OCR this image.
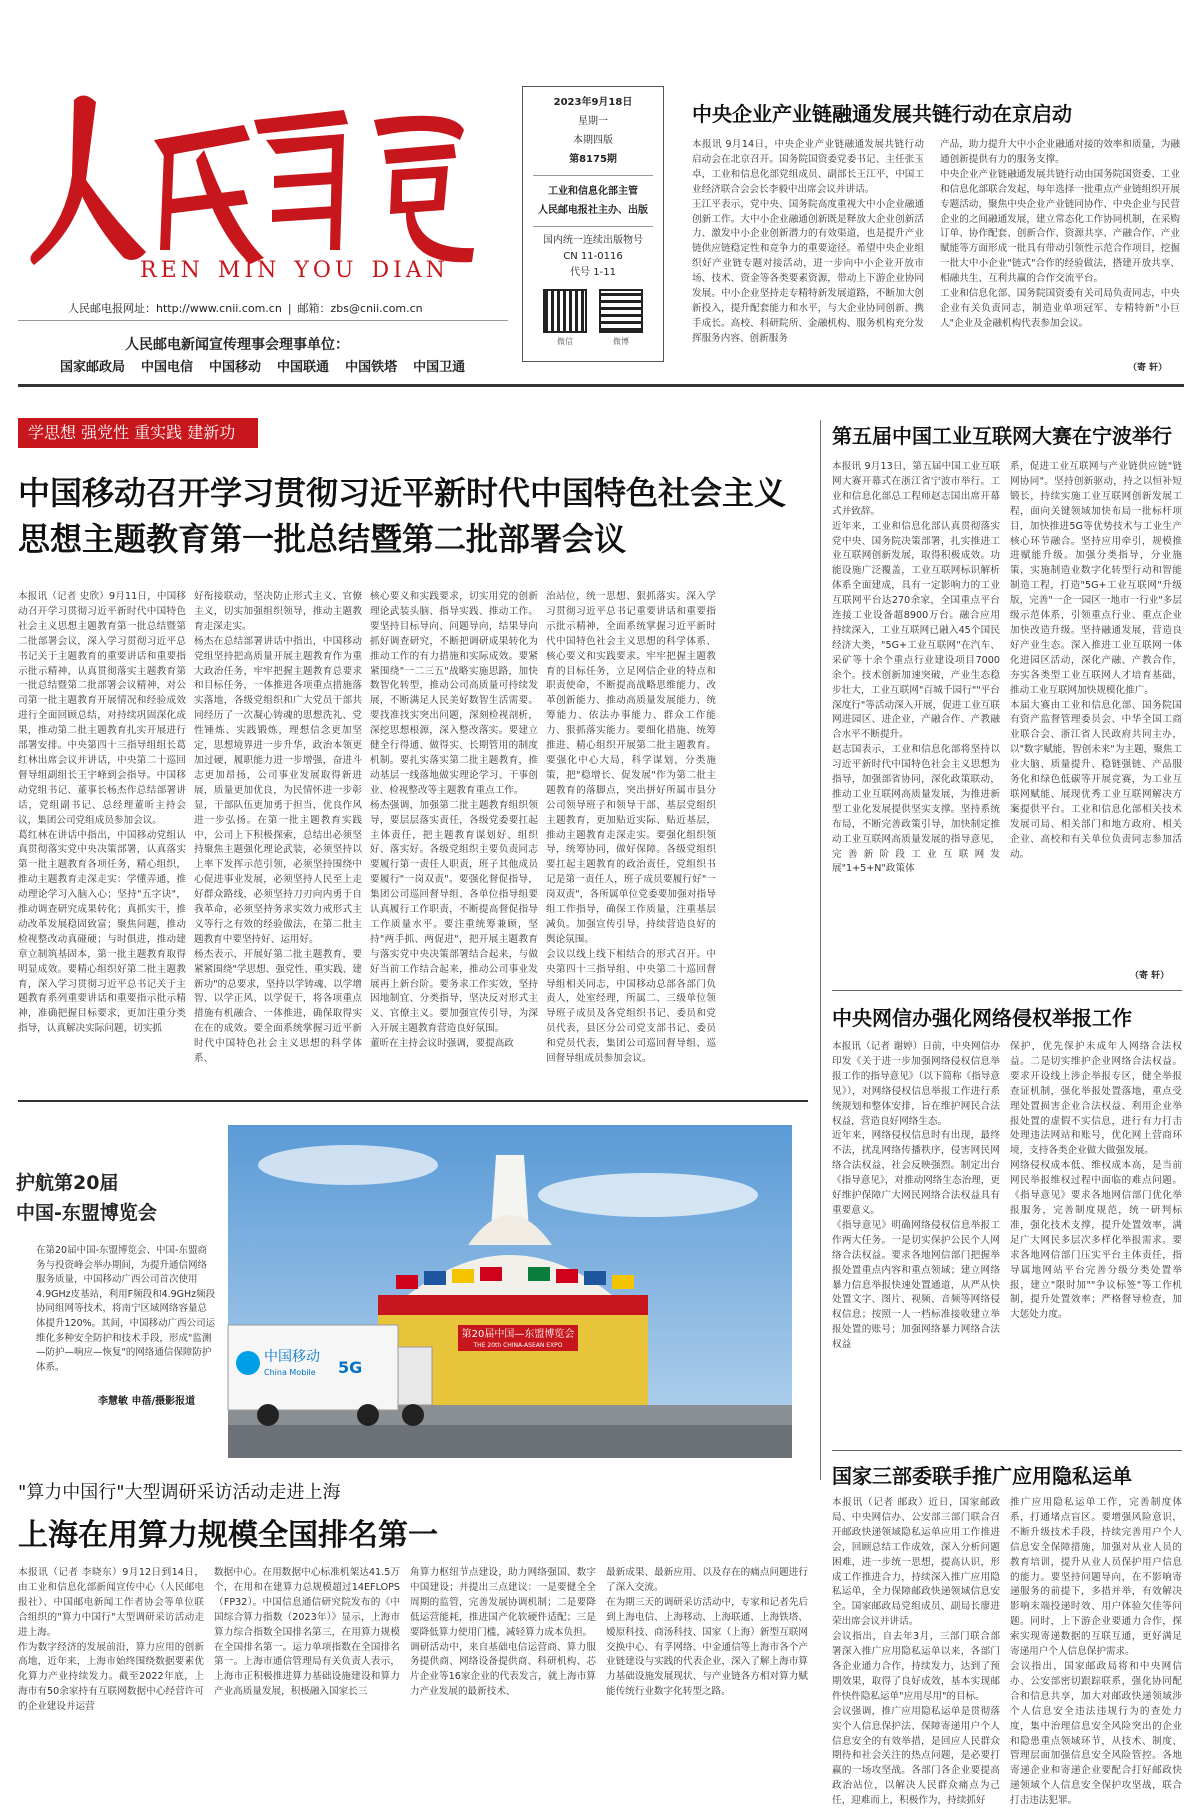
REN MIN YOU DIAN
人民邮电报网址：http://www.cnii.com.cn | 邮箱：zbs@cnii.com.cn
人民邮电新闻宣传理事会理事单位：
国家邮政局 中国电信 中国移动 中国联通 中国铁塔 中国卫通
2023年9月18日
星期一
本期四版
第8175期
工业和信息化部主管
人民邮电报社主办、出版
国内统一连续出版物号
CN 11-0116
代号 1-11
微信	微博
中央企业产业链融通发展共链行动在京启动
本报讯 9月14日，中央企业产业链融通发展共链行动启动会在北京召开。国务院国资委党委书记、主任张玉卓，工业和信息化部党组成员、副部长王江平，中国工业经济联合会会长李毅中出席会议并讲话。
王江平表示，党中央、国务院高度重视大中小企业融通创新工作。大中小企业融通创新既是释放大企业创新活力、激发中小企业创新潜力的有效渠道，也是提升产业链供应链稳定性和竞争力的重要途径。希望中央企业组织好产业链专题对接活动，进一步向中小企业开放市场、技术、资金等各类要素资源，带动上下游企业协同发展。中小企业坚持走专精特新发展道路，不断加大创新投入，提升配套能力和水平，与大企业协同创新、携手成长。高校、科研院所、金融机构、服务机构充分发挥服务内容、创新服务
产品，助力提升大中小企业融通对接的效率和质量，为融通创新提供有力的服务支撑。
中央企业产业链融通发展共链行动由国务院国资委、工业和信息化部联合发起，每年选择一批重点产业链组织开展专题活动，聚焦中央企业产业链同协作、中央企业与民营企业的之间融通发展，建立常态化工作协同机制，在采购订单、协作配套、创新合作、资源共享、产融合作、产业赋能等方面形成一批具有带动引领性示范合作项目，挖掘一批大中小企业"链式"合作的经验做法，搭建开放共享、相融共生、互利共赢的合作交流平台。
工业和信息化部、国务院国资委有关司局负责同志，中央企业有关负责同志，制造业单项冠军、专精特新"小巨人"企业及金融机构代表参加会议。
（寄 轩）
学思想 强党性 重实践 建新功
中国移动召开学习贯彻习近平新时代中国特色社会主义
思想主题教育第一批总结暨第二批部署会议
本报讯（记者 史欣）9月11日，中国移动召开学习贯彻习近平新时代中国特色社会主义思想主题教育第一批总结暨第二批部署会议，深入学习贯彻习近平总书记关于主题教育的重要讲话和重要指示批示精神，认真贯彻落实主题教育第一批总结暨第二批部署会议精神，对公司第一批主题教育开展情况和经验成效进行全面回顾总结，对持续巩固深化成果，推动第二批主题教育扎实开展进行部署安排。中央第四十三指导组组长葛红林出席会议并讲话，中央第二十巡回督导组副组长王宇峰到会指导。中国移动党组书记、董事长杨杰作总结部署讲话，党组副书记、总经理董昕主持会议，集团公司党组成员参加会议。
葛红林在讲话中指出，中国移动党组认真贯彻落实党中央决策部署，认真落实第一批主题教育各项任务，精心组织，推动主题教育走深走实：学懂弄通，推动理论学习入脑入心；坚持"五字诀"，推动调查研究成果转化；真抓实干，推动改革发展稳固致富；聚焦问题，推动检视整改动真碰硬；与时俱进，推动建章立制筑基固本，第一批主题教育取得明显成效。要精心组织好第二批主题教育，深入学习贯彻习近平总书记关于主题教育系列重要讲话和重要指示批示精神，准确把握目标要求，更加注重分类指导，认真解决实际问题，切实抓
好衔接联动，坚决防止形式主义、官僚主义，切实加强组织领导，推动主题教育走深走实。
杨杰在总结部署讲话中指出，中国移动党组坚持把高质量开展主题教育作为重大政治任务，牢牢把握主题教育总要求和目标任务，一体推进各项重点措施落实落地，各级党组织和广大党员干部共同经历了一次凝心铸魂的思想洗礼、党性锤炼、实践锻炼，理想信念更加坚定，思想境界进一步升华，政治本领更加过硬，履职能力进一步增强，奋进斗志更加昂扬，公司事业发展取得新进展，质量更加优良，为民情怀进一步彰显，干部队伍更加勇于担当，优良作风进一步弘扬。在第一批主题教育实践中，公司上下积极探索，总结出必须坚持聚焦主题强化理论武装，必须坚持以上率下发挥示范引领，必须坚持围绕中心促进事业发展，必须坚持人民至上走好群众路线，必须坚持刀刃向内勇于自我革命，必须坚持务求实效力戒形式主义等行之有效的经验做法，在第二批主题教育中要坚持好、运用好。
杨杰表示，开展好第二批主题教育，要紧紧围绕"学思想、强党性、重实践、建新功"的总要求，坚持以学铸魂、以学增智、以学正风、以学促干，将各项重点措施有机融合、一体推进，确保取得实在在的成效。要全面系统掌握习近平新时代中国特色社会主义思想的科学体系、
核心要义和实践要求，切实用党的创新理论武装头脑、指导实践、推动工作。要坚持目标导向、问题导向，结果导向抓好调查研究，不断把调研成果转化为推动工作的有力措施和实际成效。要紧紧围绕"一二三五"战略实施思路，加快数智化转型，推动公司高质量可持续发展，不断满足人民美好数智生活需要。要找准找实突出问题，深刻检视剖析，深挖思想根源，深入整改落实。要建立健全行得通、做得实、长期管用的制度机制。要扎实落实第二批主题教育，推动基层一线落地做实理论学习、干事创业、检视整改等主题教育重点工作。
杨杰强调，加强第二批主题教育组织领导，要层层落实责任，各级党委要扛起主体责任，把主题教育谋划好、组织好、落实好。各级党组织主要负责同志要履行第一责任人职责，班子其他成员要履行"一岗双责"。要强化督促指导，集团公司巡回督导组、各单位指导组要认真履行工作职责，不断提高督促指导工作质量水平。要注重统筹兼顾，坚持"两手抓、两促进"，把开展主题教育与落实党中央决策部署结合起来，与做好当前工作结合起来，推动公司事业发展再上新台阶。要务求工作实效，坚持因地制宜、分类指导，坚决反对形式主义、官僚主义。要加强宣传引导，为深入开展主题教育营造良好氛围。
董昕在主持会议时强调，要提高政
治站位，统一思想、狠抓落实。深入学习贯彻习近平总书记重要讲话和重要指示批示精神，全面系统掌握习近平新时代中国特色社会主义思想的科学体系、核心要义和实践要求。牢牢把握主题教育的目标任务，立足网信企业的特点和职责使命，不断提高战略思维能力、改革创新能力、推动高质量发展能力、统筹能力、依法办事能力、群众工作能力、狠抓落实能力。要细化措施、统筹推进、精心组织开展第二批主题教育。要强化中心大局，科学谋划，分类施策，把"稳增长、促发展"作为第二批主题教育的落脚点，突出拼好所属市县分公司领导班子和领导干部、基层党组织主题教育，更加贴近实际、贴近基层，推动主题教育走深走实。要强化组织领导，统筹协同，做好保障。各级党组织要扛起主题教育的政治责任，党组织书记是第一责任人，班子成员要履行好"一岗双责"，各所属单位党委要加强对指导组工作指导，确保工作质量，注重基层减负。加强宣传引导，持续营造良好的舆论氛围。
会议以线上线下相结合的形式召开。中央第四十三指导组、中央第二十巡回督导组相关同志，中国移动总部各部门负责人，处室经理，所属二、三级单位领导班子成员及各党组织书记、委员和党员代表，县区分公司党支部书记、委员和党员代表，集团公司巡回督导组、巡回督导组成员参加会议。
第五届中国工业互联网大赛在宁波举行
本报讯 9月13日，第五届中国工业互联网大赛开幕式在浙江省宁波市举行。工业和信息化部总工程师赵志国出席开幕式并致辞。
近年来，工业和信息化部认真贯彻落实党中央、国务院决策部署，扎实推进工业互联网创新发展，取得积极成效。功能设施广泛覆盖，工业互联网标识解析体系全面建成，具有一定影响力的工业互联网平台达270余家，全国重点平台连接工业设备超8900万台。融合应用持续深入，工业互联网已融入45个国民经济大类，"5G+工业互联网"在汽车、采矿等十余个重点行业建设项目7000余个。技术创新加速突破，产业生态稳步壮大，工业互联网"百城千园行""平台深度行"等活动深入开展，促进工业互联网进园区、进企业，产融合作、产教融合水平不断提升。
赵志国表示，工业和信息化部将坚持以习近平新时代中国特色社会主义思想为指导，加强部省协同，深化政策联动，推动工业互联网高质量发展，为推进新型工业化发展提供坚实支撑。坚持系统布局，不断完善政策引导，加快制定推动工业互联网高质量发展的指导意见，完善新阶段工业互联网发展"1+5+N"政策体
系，促进工业互联网与产业链供应链"链网协同"。坚持创新驱动，持之以恒补短锻长，持续实施工业互联网创新发展工程，面向关键领域加快布局一批标杆项目，加快推进5G等优势技术与工业生产核心环节融合。坚持应用牵引，规模推进赋能升级。加强分类指导，分业施策，实施制造业数字化转型行动和智能制造工程，打造"5G+工业互联网"升级版，完善"一企一园区一地市一行业"多层级示范体系，引领重点行业、重点企业加快改造升级。坚持融通发展，营造良好产业生态。深入推进工业互联网一体化进园区活动，深化产融、产教合作，夯实各类型工业互联网人才培育基础，推动工业互联网加快规模化推广。
本届大赛由工业和信息化部、国务院国有资产监督管理委员会、中华全国工商业联合会、浙江省人民政府共同主办，以"数字赋能，智创未来"为主题，聚焦工业大脑、质量提升、稳链强链、产品服务化和绿色低碳等开展竞赛，为工业互联网赋能、展现优秀工业互联网解决方案提供平台。工业和信息化部相关技术发展司局、相关部门和地方政府、相关企业、高校和有关单位负责同志参加活动。
（寄 轩）
中央网信办强化网络侵权举报工作
本报讯（记者 谢婷）日前，中央网信办印发《关于进一步加强网络侵权信息举报工作的指导意见》（以下简称《指导意见》），对网络侵权信息举报工作进行系统规划和整体安排，旨在维护网民合法权益，营造良好网络生态。
近年来，网络侵权信息时有出现，最终不法，扰乱网络传播秩序，侵害网民网络合法权益，社会反映强烈。制定出台《指导意见》，对推动网络生态治理，更好维护保障广大网民网络合法权益具有重要意义。
《指导意见》明确网络侵权信息举报工作两大任务。一是切实保护公民个人网络合法权益。要求各地网信部门把握举报处置重点内容和重点领域；建立网络暴力信息举报快速处置通道，从严从快处置文字、图片、视频、音频等网络侵权信息；按照一人一档标准接收建立举报处置的账号；加强网络暴力网络合法权益
保护，优先保护未成年人网络合法权益。二是切实维护企业网络合法权益。要求开设线上涉企举报专区，健全举报查证机制，强化举报处置落地，重点受理处置损害企业合法权益、利用企业举报处置的虚假不实信息，进行有力打击处理违法网站和账号，优化网上营商环境，支持各类企业做大做强发展。
网络侵权成本低、维权成本高，是当前网民举报维权过程中面临的难点问题。《指导意见》要求各地网信部门优化举报服务，完善制度规范，统一研判标准，强化技术支撑，提升处置效率，满足广大网民多层次多样化举报需求。要求各地网信部门压实平台主体责任，指导属地网站平台完善分级分类处置举报，建立"限时加""争议标签"等工作机制，提升处置效率；严格督导检查，加大惩处力度。
国家三部委联手推广应用隐私运单
本报讯（记者 邮政）近日，国家邮政局、中央网信办、公安部三部门联合召开邮政快递领域隐私运单应用工作推进会，回顾总结工作成效，深入分析问题困难，进一步统一思想，提高认识，形成工作推进合力，持续深入推广应用隐私运单，全力保障邮政快递领域信息安全。国家邮政局党组成员、副局长廖进荣出席会议并讲话。
会议指出，自去年3月，三部门联合部署深入推广应用隐私运单以来，各部门各企业通力合作，持续发力，达到了预期效果，取得了良好成效，基本实现邮件快件隐私运单"应用尽用"的目标。
会议强调，推广应用隐私运单是贯彻落实个人信息保护法、保障寄递用户个人信息安全的有效举措，是回应人民群众期待和社会关注的热点问题，是必要打赢的一场攻坚战。各部门各企业要提高政治站位，以解决人民群众痛点为己任，迎难而上，积极作为，持续抓好
推广应用隐私运单工作，完善制度体系，打通堵点盲区。要增强风险意识，不断升级技术手段，持续完善用户个人信息安全保障措施，加强对从业人员的教育培训，提升从业人员保护用户信息的能力。要坚持问题导向，在不影响寄递服务的前提下，多措并举，有效解决影响末端投递时效、用户体验欠佳等问题。同时，上下游企业要通力合作，探索实现寄递数据的互联互通，更好满足寄递用户个人信息保护需求。
会议指出，国家邮政局将和中央网信办、公安部密切跟踪联系，强化协同配合和信息共享，加大对邮政快递领域涉个人信息安全违法违规行为的查处力度，集中治理信息安全风险突出的企业和隐患重点领域环节，从技术、制度、管理层面加强信息安全风险管控。各地寄递企业和寄递企业要配合打好邮政快递领域个人信息安全保护攻坚战，联合打击违法犯罪。
护航第20届
中国-东盟博览会
在第20届中国-东盟博览会、中国-东盟商务与投资峰会举办期间，为提升通信网络服务质量，中国移动广西公司首次使用4.9GHz皮基站，利用F频段和4.9GHz频段协同组网等技术，将南宁区域网络容量总体提升120%。其间，中国移动广西公司运维化多种安全防护和技术手段，形成"监测—防护—响应—恢复"的网络通信保障防护体系。
李慧敏 申蓓/摄影报道
第20届中国—东盟博览会
THE 20th CHINA-ASEAN EXPO
中国移动
China Mobile 5G
"算力中国行"大型调研采访活动走进上海
上海在用算力规模全国排名第一
本报讯（记者 李晓东）9月12日到14日，由工业和信息化部新闻宣传中心（人民邮电报社）、中国邮电新闻工作者协会等单位联合组织的"算力中国行"大型调研采访活动走进上海。
作为数字经济的发展前沿，算力应用的创新高地，近年来，上海市始终围绕数据要素优化算力产业持续发力。截至2022年底，上海市有50余家持有互联网数据中心经营许可的企业建设并运营
数据中心。在用数据中心标准机架达41.5万个，在用和在建算力总规模超过14EFLOPS（FP32）。中国信息通信研究院发布的《中国综合算力指数（2023年）》显示，上海市算力综合指数全国排名第三，在用算力规模在全国排名第一。运力单项指数在全国排名第一。上海市通信管理局有关负责人表示，上海市正积极推进算力基础设施建设和算力产业高质量发展，积极融入国家长三
角算力枢纽节点建设，助力网络强国、数字中国建设；并提出三点建议：一是要健全全周期的监管，完善发展协调机制；二是要降低运营能耗，推进国产化软硬件适配；三是要降低算力使用门槛，减轻算力成本负担。
调研活动中，来自基础电信运营商、算力服务提供商、网络设备提供商、科研机构、芯片企业等16家企业的代表发言，就上海市算力产业发展的最新技术、
最新成果、最新应用、以及存在的痛点问题进行了深入交流。
在为期三天的调研采访活动中，专家和记者先后到上海电信、上海移动、上海联通、上海铁塔、嫒原科技、商汤科技、国家（上海）新型互联网交换中心、有孚网络、中金通信等上海市各个产业链建设与实践的代表企业，深入了解上海市算力基础设施发展现状、与产业链各方相对算力赋能传统行业数字化转型之路。
